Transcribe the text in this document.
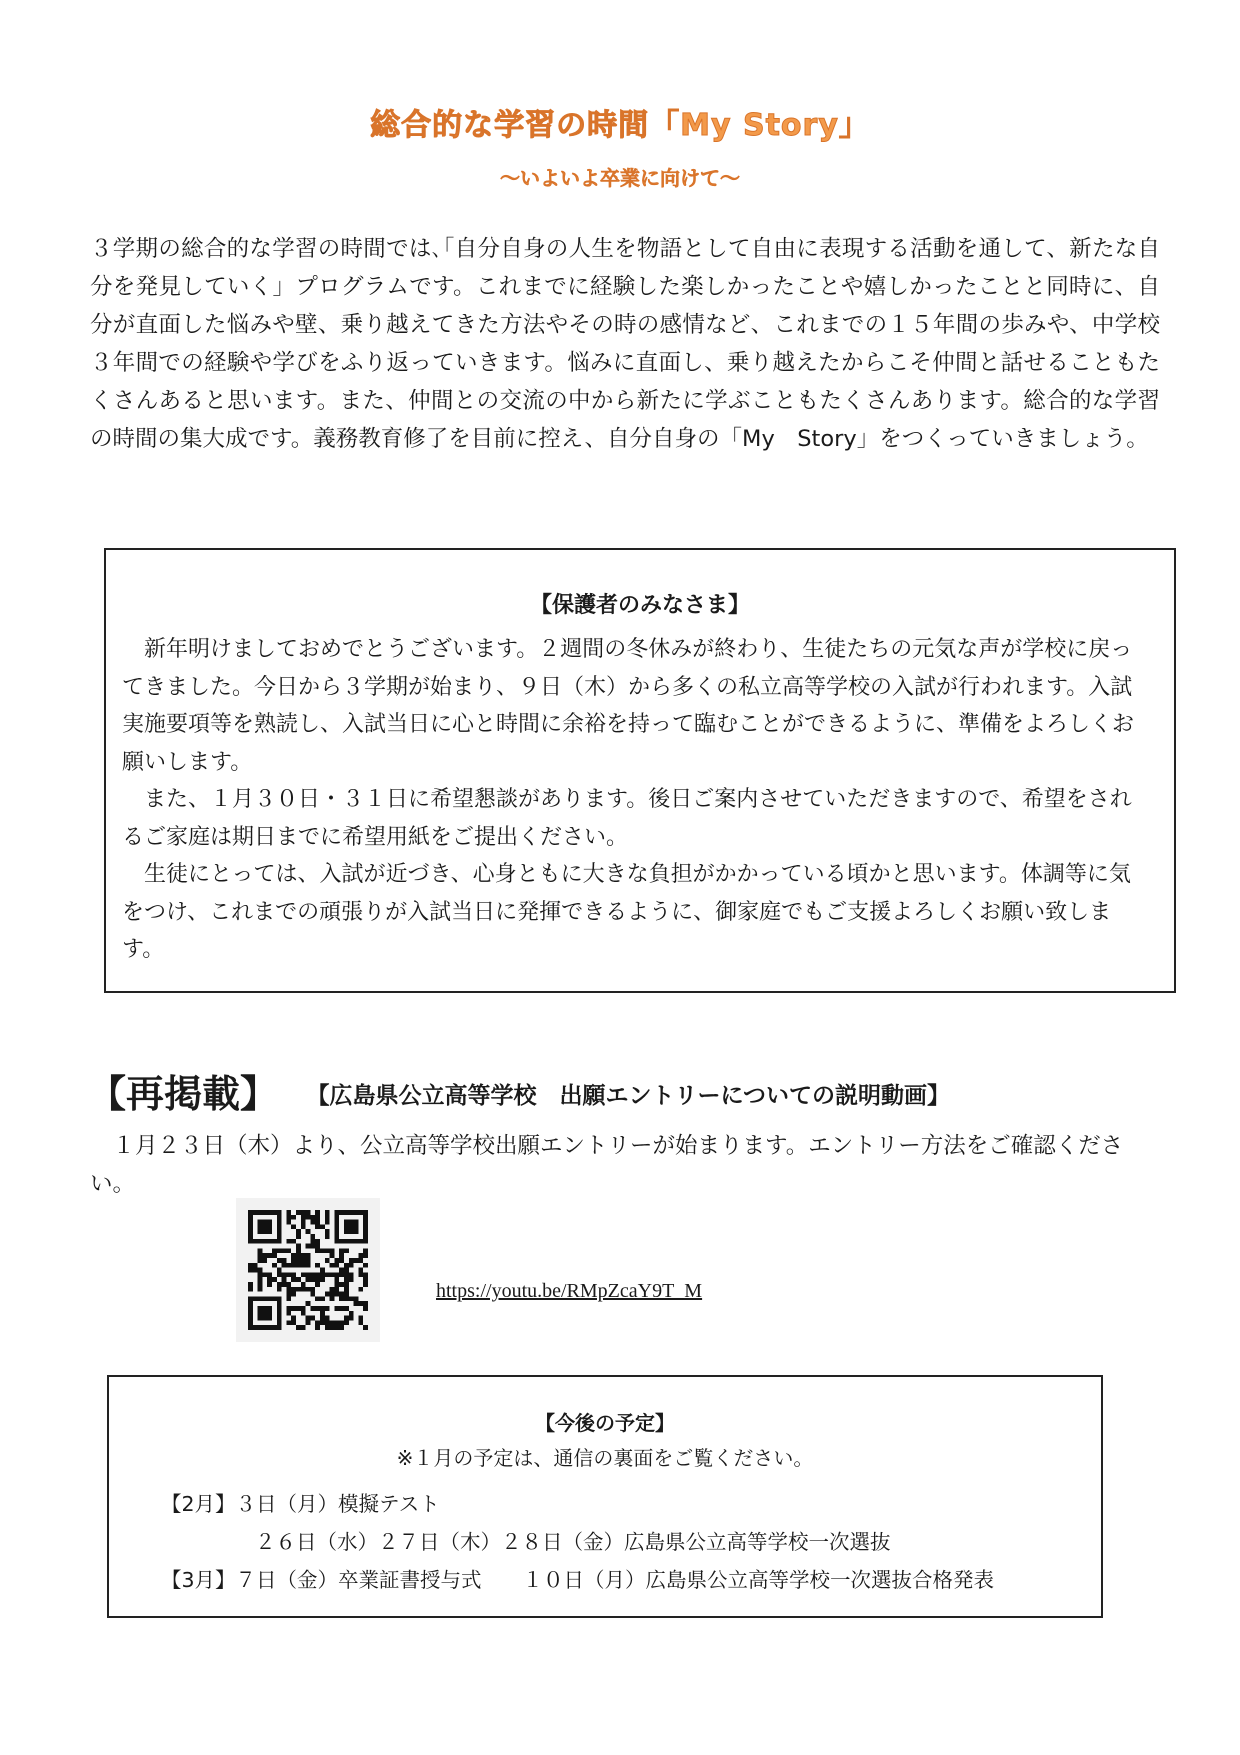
総合的な学習の時間「My Story」
～いよいよ卒業に向けて～

３学期の総合的な学習の時間では､｢自分自身の人生を物語として自由に表現する活動を通して、新たな自分を発見していく」プログラムです。これまでに経験した楽しかったことや嬉しかったことと同時に、自分が直面した悩みや壁、乗り越えてきた方法やその時の感情など、これまでの１５年間の歩みや、中学校３年間での経験や学びをふり返っていきます。悩みに直面し、乗り越えたからこそ仲間と話せることもたくさんあると思います。また、仲間との交流の中から新たに学ぶこともたくさんあります。総合的な学習の時間の集大成です。義務教育修了を目前に控え、自分自身の「My　Story」をつくっていきましょう。

【保護者のみなさま】

新年明けましておめでとうございます。２週間の冬休みが終わり、生徒たちの元気な声が学校に戻ってきました。今日から３学期が始まり、９日（木）から多くの私立高等学校の入試が行われます。入試実施要項等を熟読し、入試当日に心と時間に余裕を持って臨むことができるように、準備をよろしくお願いします。

また、１月３０日・３１日に希望懇談があります。後日ご案内させていただきますので、希望をされるご家庭は期日までに希望用紙をご提出ください。

生徒にとっては、入試が近づき、心身ともに大きな負担がかかっている頃かと思います。体調等に気をつけ、これまでの頑張りが入試当日に発揮できるように、御家庭でもご支援よろしくお願い致します。

【再掲載】 【広島県公立高等学校　出願エントリーについての説明動画】

１月２３日（木）より、公立高等学校出願エントリーが始まります。エントリー方法をご確認ください。

https://youtu.be/RMpZcaY9T_M
【今後の予定】
※１月の予定は、通信の裏面をご覧ください。
【2月】３日（月）模擬テスト
２６日（水）２７日（木）２８日（金）広島県公立高等学校一次選抜
【3月】７日（金）卒業証書授与式　　１０日（月）広島県公立高等学校一次選抜合格発表
